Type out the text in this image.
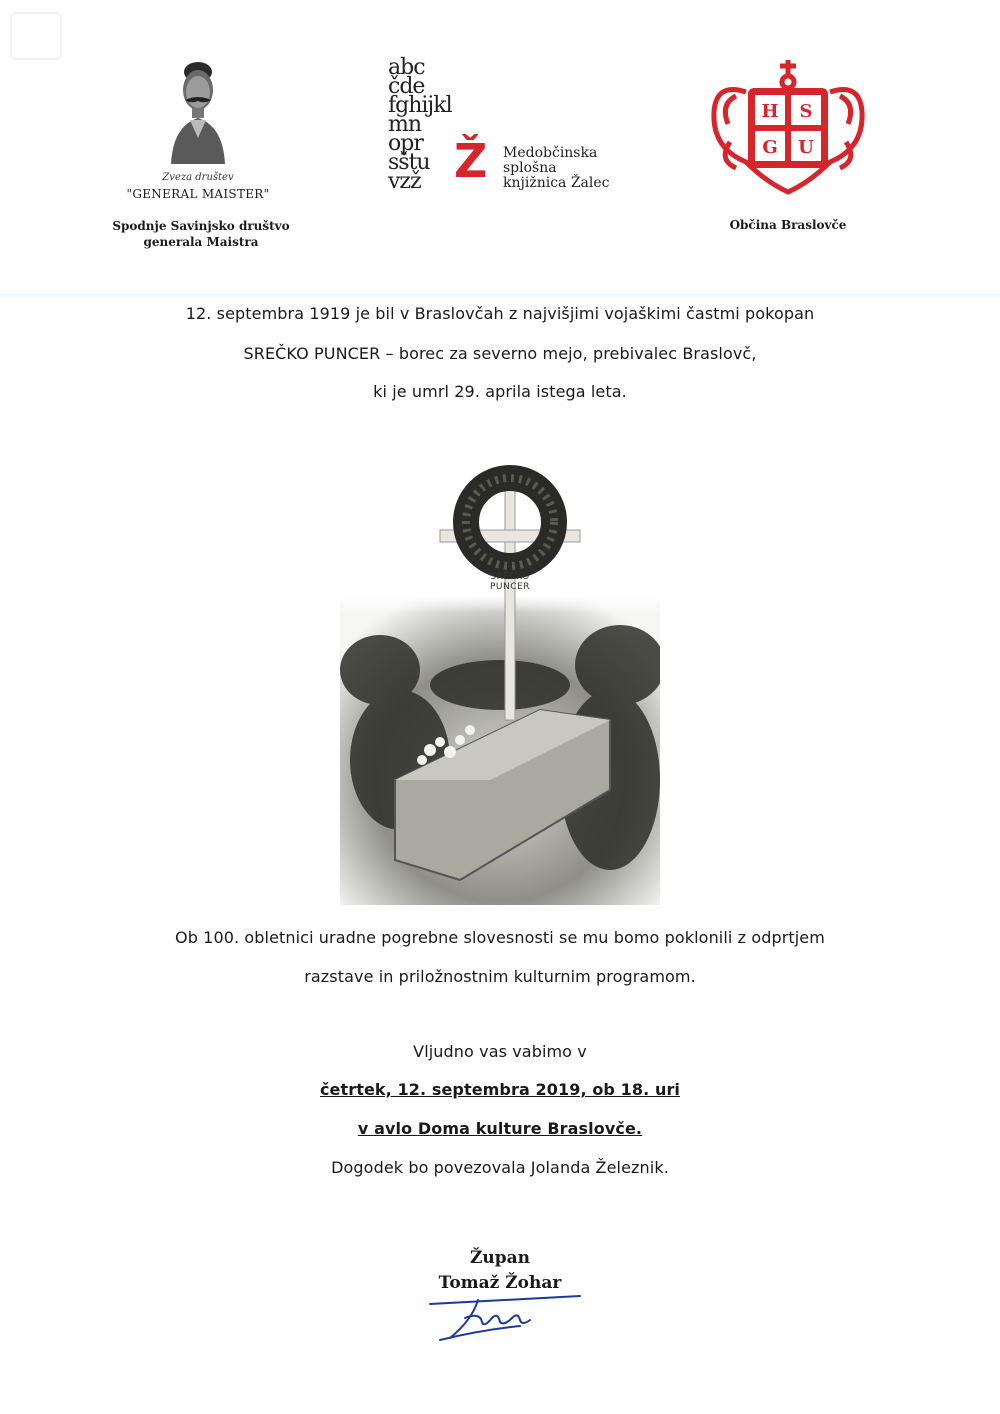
Zveza društev
"GENERAL MAISTER"
Spodnje Savinjsko društvo
generala Maistra
abc
čde
fghijkl
mn
opr
sštu
vzž Ž Medobčinska
splošna
knjižnica Žalec
H S
G U
Občina Braslovče
12. septembra 1919 je bil v Braslovčah z najvišjimi vojaškimi častmi pokopan
SREČKO PUNCER – borec za severno mejo, prebivalec Braslovč,
ki je umrl 29. aprila istega leta.
SREČKO PUNCER
Ob 100. obletnici uradne pogrebne slovesnosti se mu bomo poklonili z odprtjem
razstave in priložnostnim kulturnim programom.
Vljudno vas vabimo v
četrtek, 12. septembra 2019, ob 18. uri
v avlo Doma kulture Braslovče.
Dogodek bo povezovala Jolanda Železnik.
Župan
Tomaž Žohar
